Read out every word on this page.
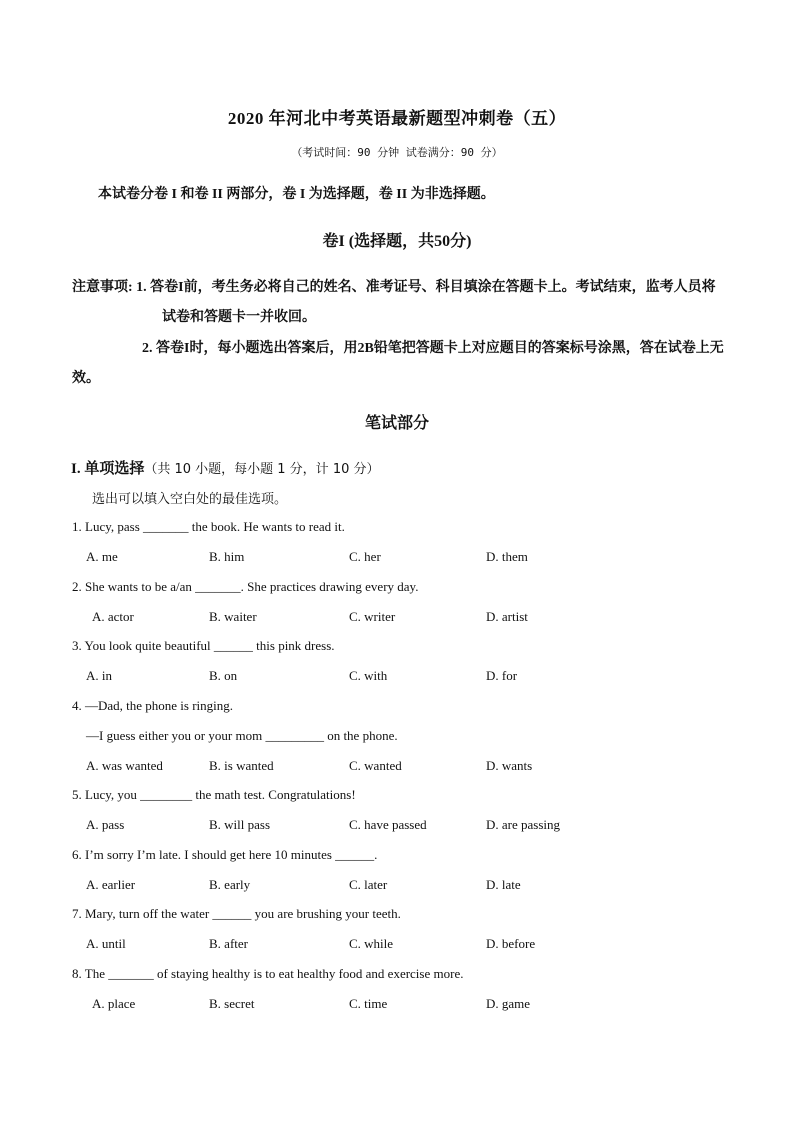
2020 年河北中考英语最新题型冲刺卷（五）
（考试时间：90 分钟 试卷满分：90 分）
本试卷分卷 I 和卷 II 两部分，卷 I 为选择题，卷 II 为非选择题。
卷I (选择题，共50分)
注意事项: 1. 答卷I前，考生务必将自己的姓名、准考证号、科目填涂在答题卡上。考试结束，监考人员将
试卷和答题卡一并收回。
2. 答卷I时，每小题选出答案后，用2B铅笔把答题卡上对应题目的答案标号涂黑，答在试卷上无
效。
笔试部分
I. 单项选择（共 10 小题，每小题 1 分，计 10 分）
选出可以填入空白处的最佳选项。
1. Lucy, pass _______ the book. He wants to read it.
A. me	B. him	C. her	D. them
2. She wants to be a/an _______. She practices drawing every day.
A. actor	B. waiter	C. writer	D. artist
3. You look quite beautiful ______ this pink dress.
A. in	B. on	C. with	D. for
4. —Dad, the phone is ringing.
—I guess either you or your mom _________ on the phone.
A. was wanted	B. is wanted	C. wanted	D. wants
5. Lucy, you ________ the math test. Congratulations!
A. pass	B. will pass	C. have passed	D. are passing
6. I’m sorry I’m late. I should get here 10 minutes ______.
A. earlier	B. early	C. later	D. late
7. Mary, turn off the water ______ you are brushing your teeth.
A. until	B. after	C. while	D. before
8. The _______ of staying healthy is to eat healthy food and exercise more.
A. place	B. secret	C. time	D. game
